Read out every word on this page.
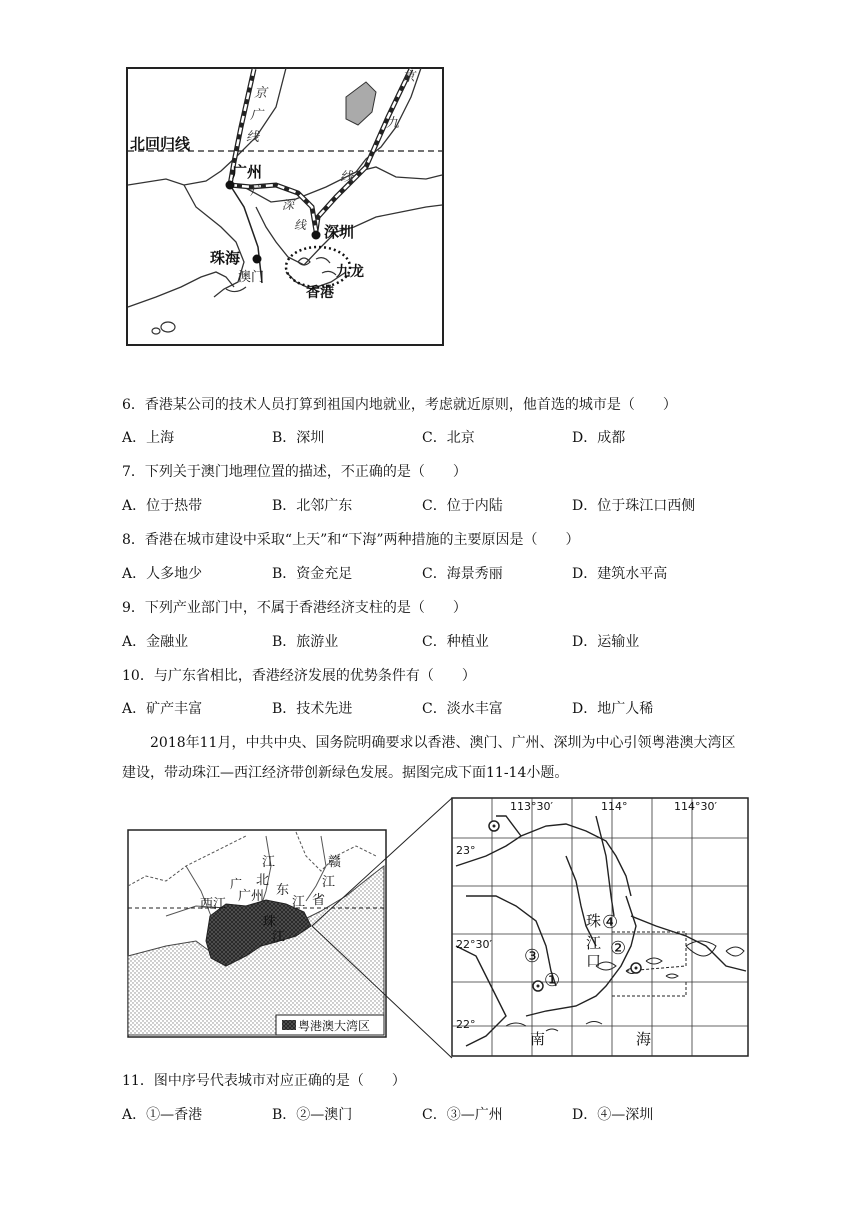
北回归线
京
广
线
京
九
线
广
深
线
广州
深圳
珠海
澳门	九龙
香港
6．香港某公司的技术人员打算到祖国内地就业，考虑就近原则，他首选的城市是（　　）
A．上海	B．深圳	C．北京	D．成都
7．下列关于澳门地理位置的描述，不正确的是（　　）
A．位于热带	B．北邻广东	C．位于内陆	D．位于珠江口西侧
8．香港在城市建设中采取“上天”和“下海”两种措施的主要原因是（　　）
A．人多地少	B．资金充足	C．海景秀丽	D．建筑水平高
9．下列产业部门中，不属于香港经济支柱的是（　　）
A．金融业	B．旅游业	C．种植业	D．运输业
10．与广东省相比，香港经济发展的优势条件有（　　）
A．矿产丰富	B．技术先进	C．淡水丰富	D．地广人稀
2018年11月，中共中央、国务院明确要求以香港、澳门、广州、深圳为中心引领粤港澳大湾区建设，带动珠江—西江经济带创新绿色发展。据图完成下面11-14小题。
西江
江
北
东
江
赣
江
省
广州
珠
江
广
粤港澳大湾区
113°30′	114°	114°30′
23°
22°30′
22°
珠
江
口
南	海
①
②
③
④
11．图中序号代表城市对应正确的是（　　）
A．①—香港	B．②—澳门	C．③—广州	D．④—深圳
